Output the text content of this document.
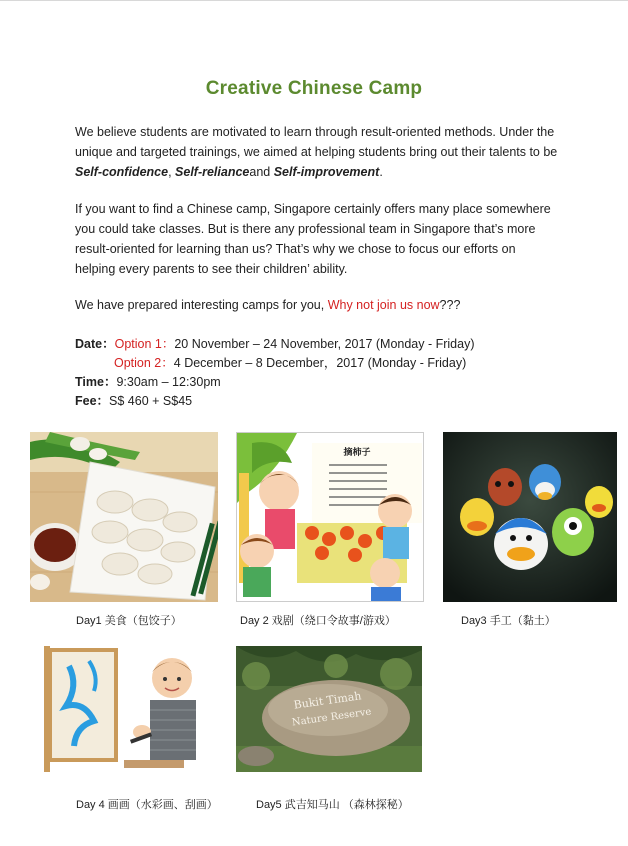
Creative Chinese Camp
We believe students are motivated to learn through result-oriented methods. Under the unique and targeted trainings, we aimed at helping students bring out their talents to be Self-confidence, Self-relianceand Self-improvement.
If you want to find a Chinese camp, Singapore certainly offers many place somewhere you could take classes. But is there any professional team in Singapore that’s more result-oriented for learning than us? That’s why we chose to focus our efforts on helping every parents to see their children’ ability.
We have prepared interesting camps for you, Why not join us now???
Date：Option 1：20 November – 24 November, 2017 (Monday - Friday)
Option 2：4 December – 8 December，2017 (Monday - Friday)
Time：9:30am – 12:30pm
Fee：S$ 460 + S$45
摘柿子
Bukit Timah
Nature Reserve
Day1 美食（包饺子）	Day 2 戏剧（绕口令故事/游戏）	Day3 手工（黏土）
Day 4 画画（水彩画、刮画）	Day5 武吉知马山 （森林探秘）
